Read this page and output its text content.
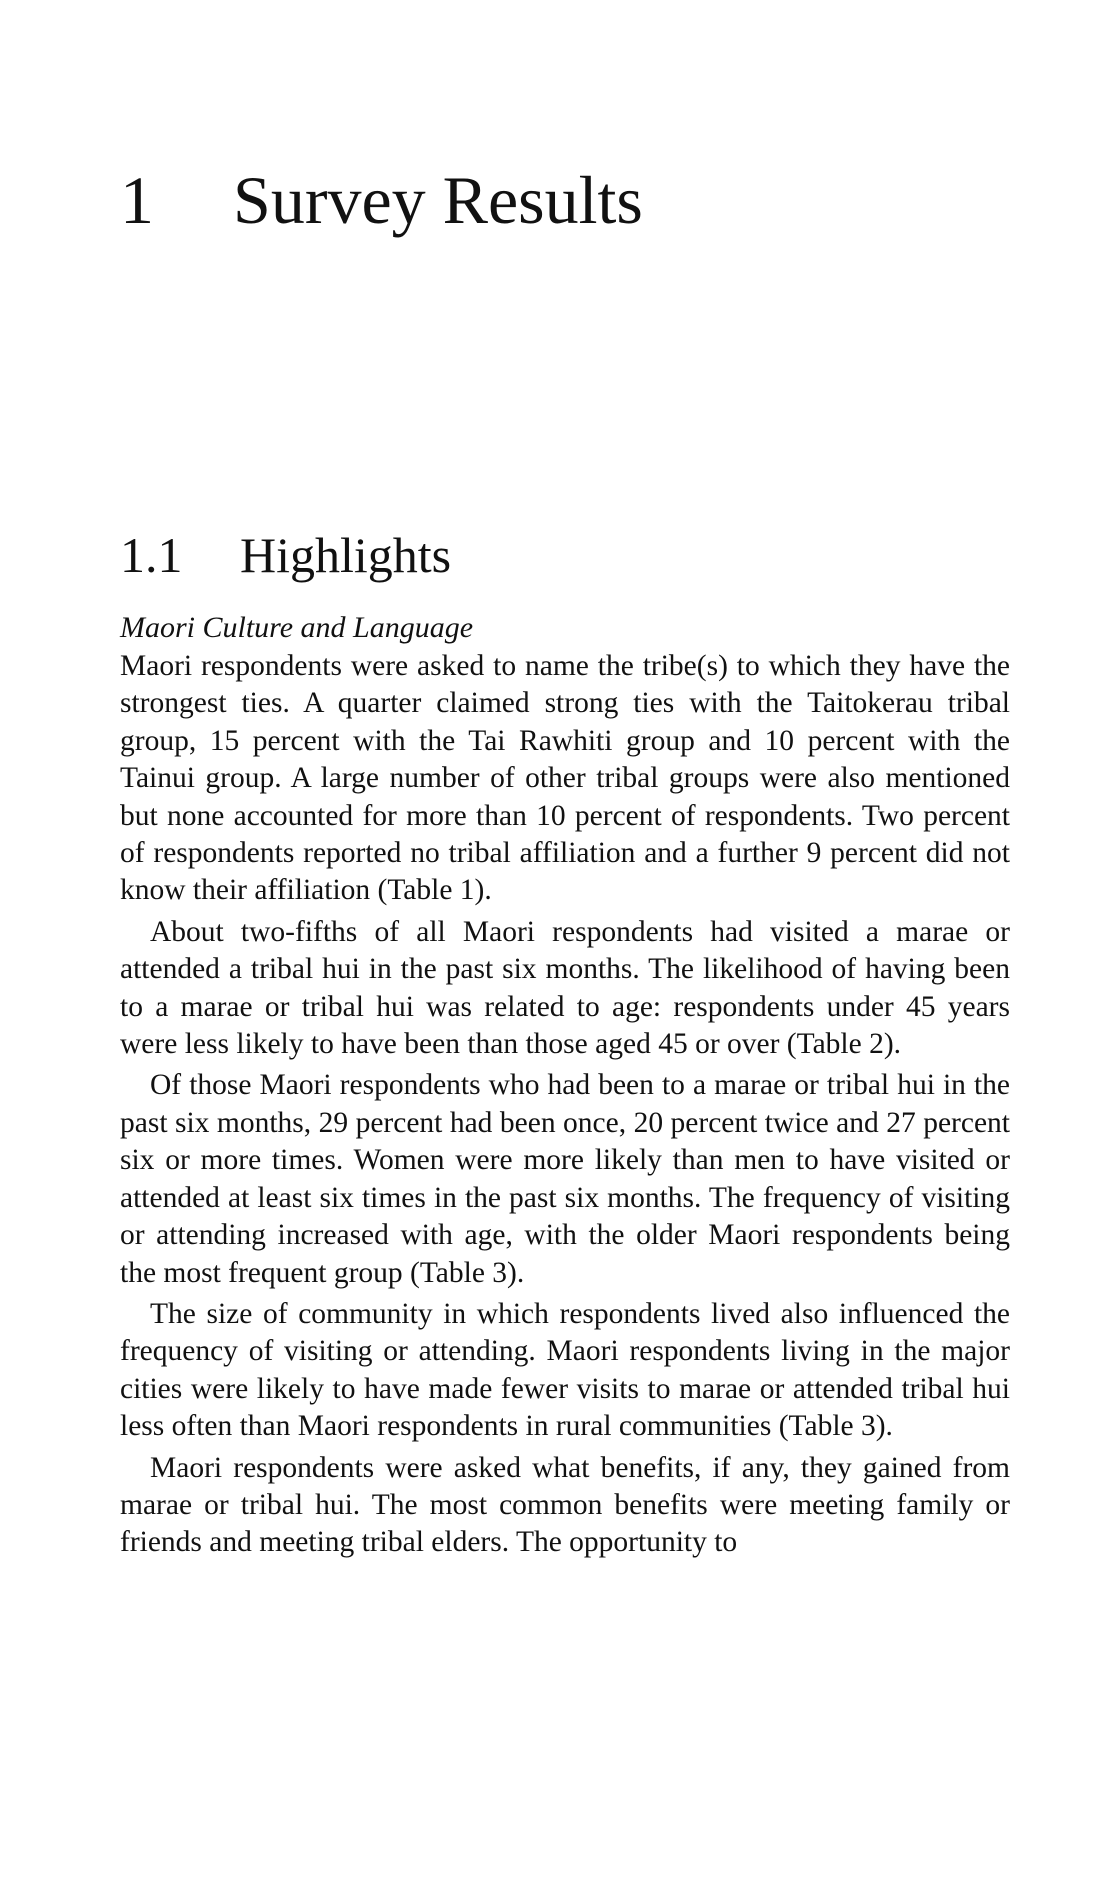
1 Survey Results
1.1 Highlights
Maori Culture and Language

Maori respondents were asked to name the tribe(s) to which they have the strongest ties. A quarter claimed strong ties with the Taitokerau tribal group, 15 percent with the Tai Rawhiti group and 10 percent with the Tainui group. A large number of other tribal groups were also mentioned but none accounted for more than 10 percent of respondents. Two percent of respondents reported no tribal affiliation and a further 9 percent did not know their affiliation (Table 1).

About two-fifths of all Maori respondents had visited a marae or attended a tribal hui in the past six months. The likelihood of having been to a marae or tribal hui was related to age: respondents under 45 years were less likely to have been than those aged 45 or over (Table 2).

Of those Maori respondents who had been to a marae or tribal hui in the past six months, 29 percent had been once, 20 percent twice and 27 percent six or more times. Women were more likely than men to have visited or attended at least six times in the past six months. The frequency of visiting or attending increased with age, with the older Maori respondents being the most frequent group (Table 3).

The size of community in which respondents lived also influenced the frequency of visiting or attending. Maori respondents living in the major cities were likely to have made fewer visits to marae or attended tribal hui less often than Maori respondents in rural communities (Table 3).

Maori respondents were asked what benefits, if any, they gained from marae or tribal hui. The most common benefits were meeting family or friends and meeting tribal elders. The opportunity to
